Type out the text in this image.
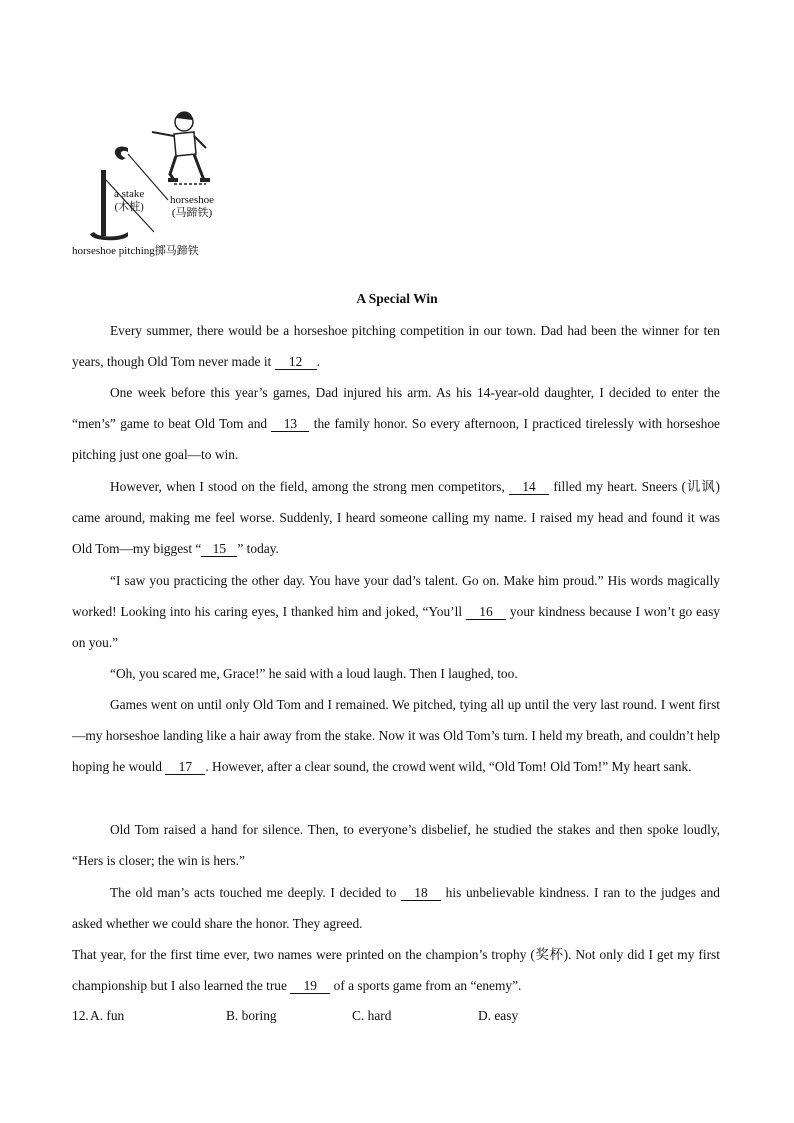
a stake
(木桩)
horseshoe
(马蹄铁)
horseshoe pitching掷马蹄铁
A Special Win
Every summer, there would be a horseshoe pitching competition in our town. Dad had been the winner for ten years, though Old Tom never made it 12 .
One week before this year’s games, Dad injured his arm. As his 14-year-old daughter, I decided to enter the “men’s” game to beat Old Tom and 13 the family honor. So every afternoon, I practiced tirelessly with horseshoe pitching just one goal—to win.
However, when I stood on the field, among the strong men competitors, 14 filled my heart. Sneers (讥讽) came around, making me feel worse. Suddenly, I heard someone calling my name. I raised my head and found it was Old Tom—my biggest “ 15 ” today.
“I saw you practicing the other day. You have your dad’s talent. Go on. Make him proud.” His words magically worked! Looking into his caring eyes, I thanked him and joked, “You’ll 16 your kindness because I won’t go easy on you.”
“Oh, you scared me, Grace!” he said with a loud laugh. Then I laughed, too.
Games went on until only Old Tom and I remained. We pitched, tying all up until the very last round. I went first—my horseshoe landing like a hair away from the stake. Now it was Old Tom’s turn. I held my breath, and couldn’t help hoping he would 17 . However, after a clear sound, the crowd went wild, “Old Tom! Old Tom!” My heart sank.
Old Tom raised a hand for silence. Then, to everyone’s disbelief, he studied the stakes and then spoke loudly, “Hers is closer; the win is hers.”
The old man’s acts touched me deeply. I decided to 18 his unbelievable kindness. I ran to the judges and asked whether we could share the honor. They agreed.
That year, for the first time ever, two names were printed on the champion’s trophy (奖杯). Not only did I get my first championship but I also learned the true 19 of a sports game from an “enemy”.
12. A. fun	B. boring	C. hard	D. easy
